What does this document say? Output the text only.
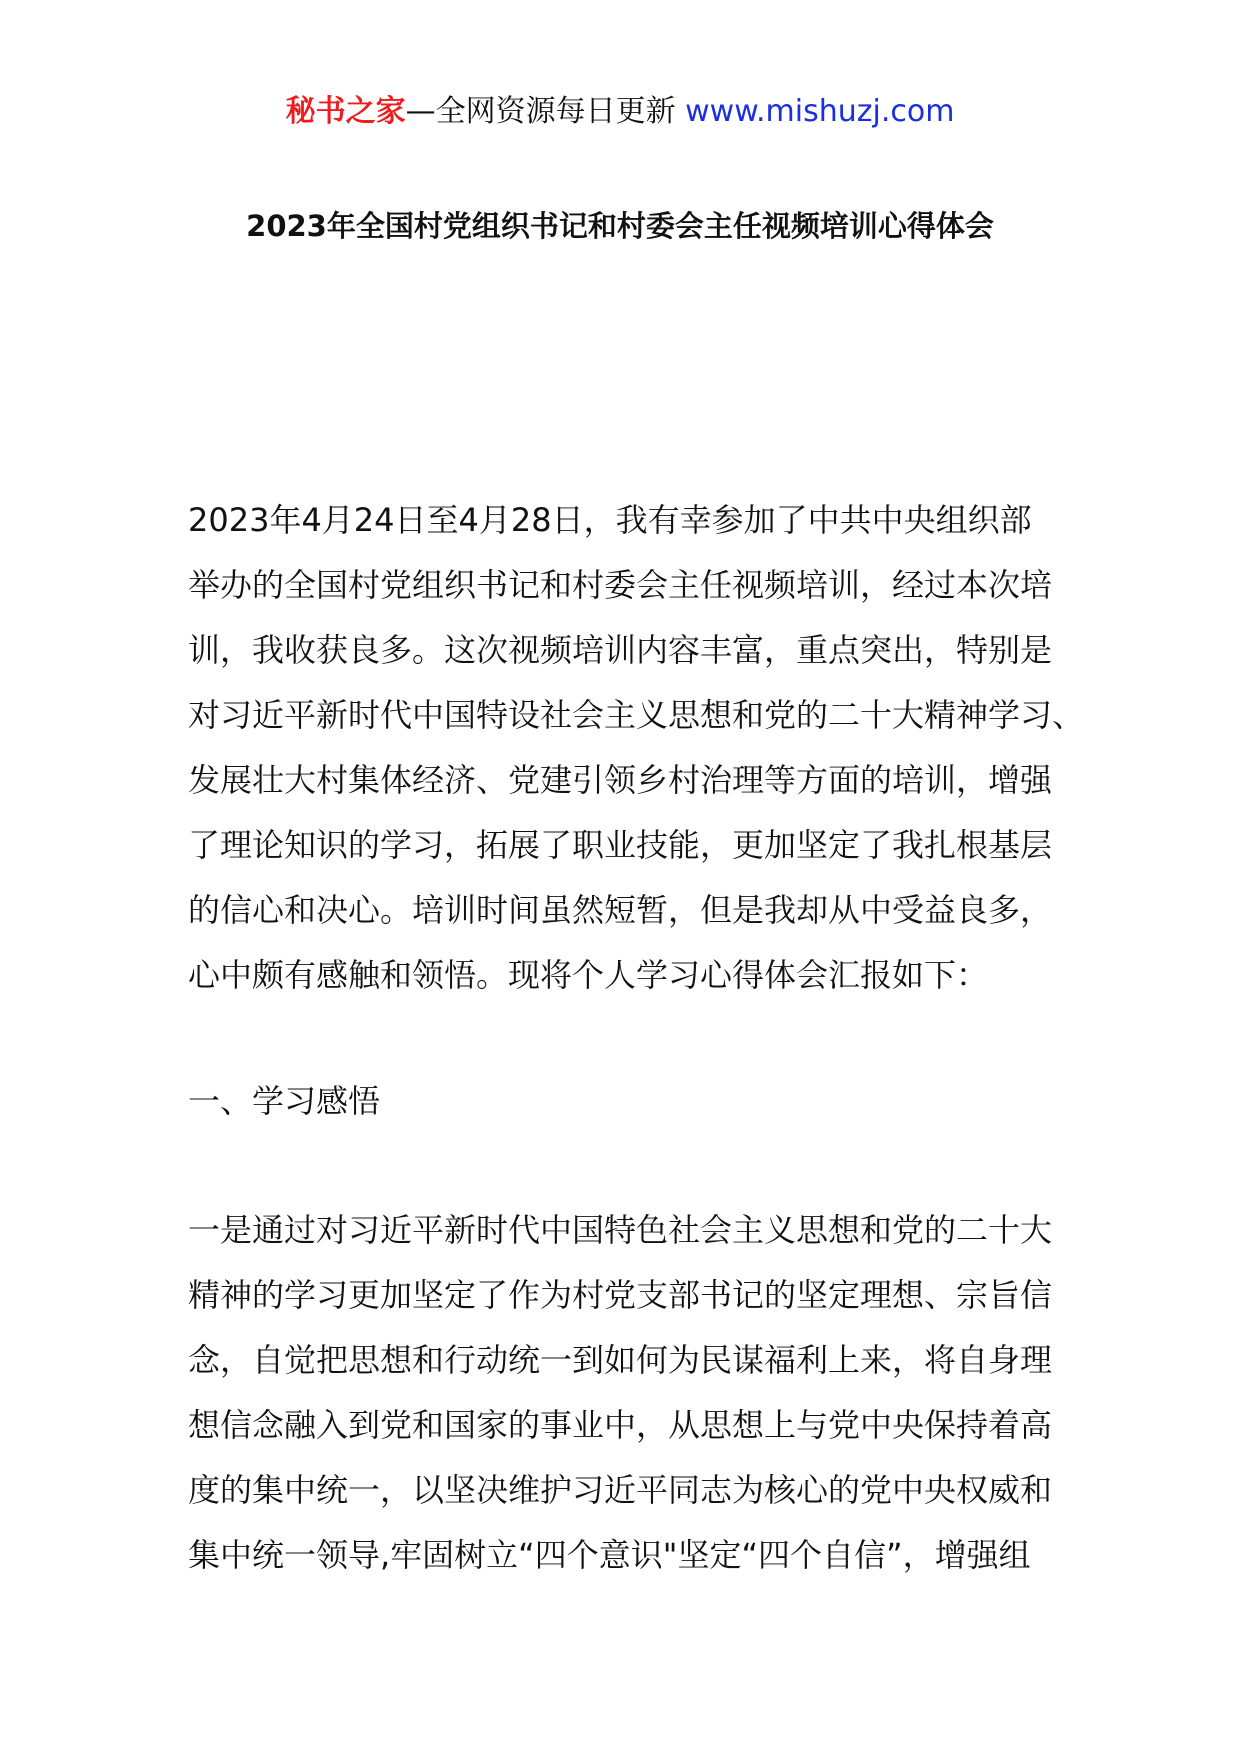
秘书之家—全网资源每日更新 www.mishuzj.com
2023年全国村党组织书记和村委会主任视频培训心得体会
2023年4月24日至4月28日，我有幸参加了中共中央组织部
举办的全国村党组织书记和村委会主任视频培训，经过本次培
训，我收获良多。这次视频培训内容丰富，重点突出，特别是
对习近平新时代中国特设社会主义思想和党的二十大精神学习、
发展壮大村集体经济、党建引领乡村治理等方面的培训，增强
了理论知识的学习，拓展了职业技能，更加坚定了我扎根基层
的信心和决心。培训时间虽然短暂，但是我却从中受益良多，
心中颇有感触和领悟。现将个人学习心得体会汇报如下：
一、学习感悟
一是通过对习近平新时代中国特色社会主义思想和党的二十大
精神的学习更加坚定了作为村党支部书记的坚定理想、宗旨信
念，自觉把思想和行动统一到如何为民谋福利上来，将自身理
想信念融入到党和国家的事业中，从思想上与党中央保持着高
度的集中统一，以坚决维护习近平同志为核心的党中央权威和
集中统一领导,牢固树立“四个意识"坚定“四个自信”，增强组
